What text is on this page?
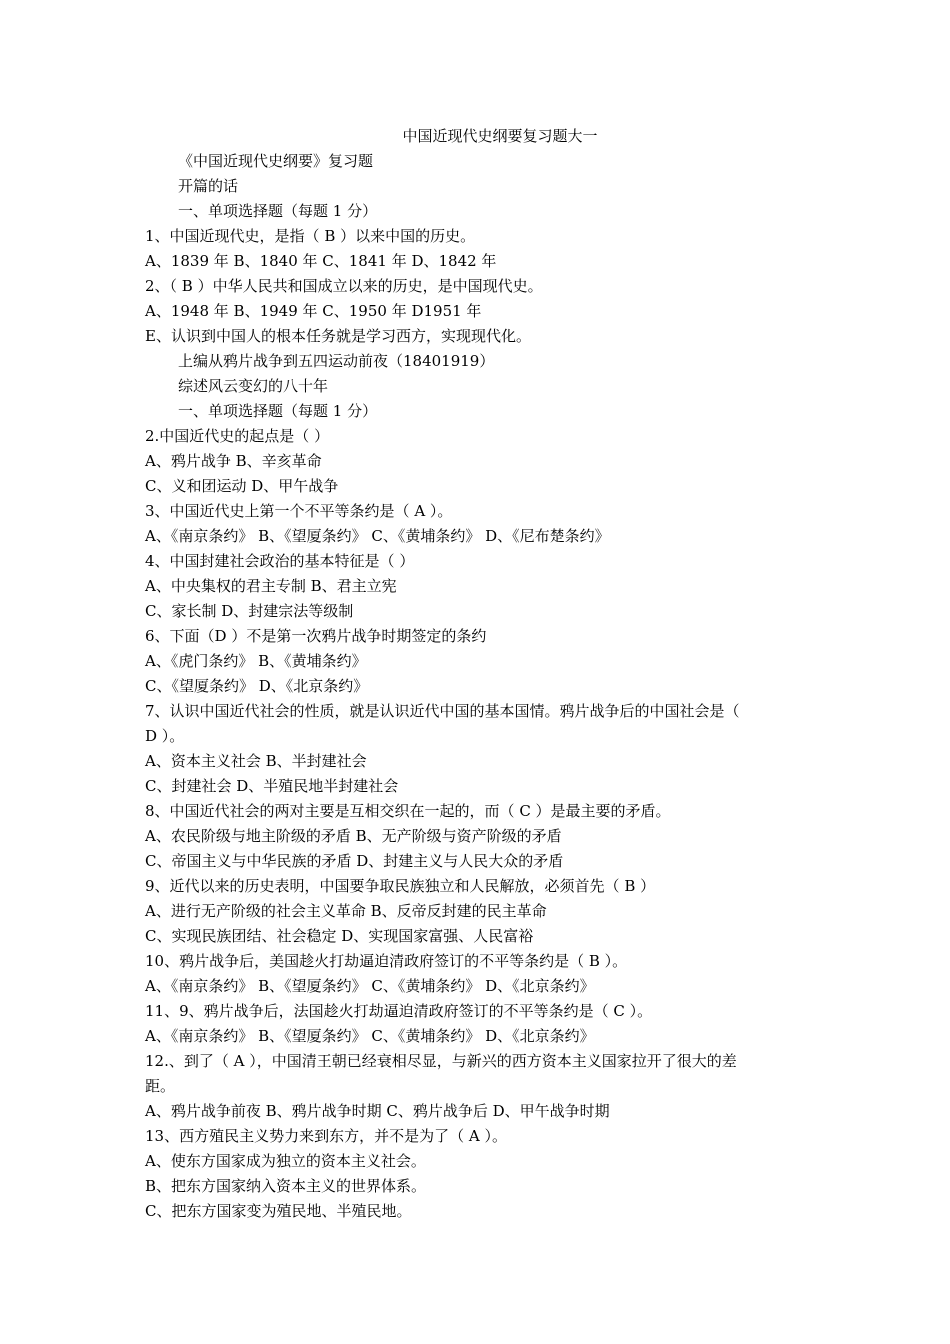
中国近现代史纲要复习题大一
《中国近现代史纲要》复习题
开篇的话
一、单项选择题（每题 1 分）
1、中国近现代史，是指（ B ）以来中国的历史。
A、1839 年 B、1840 年 C、1841 年 D、1842 年
2、（ B ）中华人民共和国成立以来的历史，是中国现代史。
A、1948 年 B、1949 年 C、1950 年 D1951 年
E、认识到中国人的根本任务就是学习西方，实现现代化。
上编从鸦片战争到五四运动前夜（18401919）
综述风云变幻的八十年
一、单项选择题（每题 1 分）
2.中国近代史的起点是（ ）
A、鸦片战争 B、辛亥革命
C、义和团运动 D、甲午战争
3、中国近代史上第一个不平等条约是（ A ）。
A、《南京条约》 B、《望厦条约》 C、《黄埔条约》 D、《尼布楚条约》
4、中国封建社会政治的基本特征是（ ）
A、中央集权的君主专制 B、君主立宪
C、家长制 D、封建宗法等级制
6、下面（D ）不是第一次鸦片战争时期签定的条约
A、《虎门条约》 B、《黄埔条约》
C、《望厦条约》 D、《北京条约》
7、认识中国近代社会的性质，就是认识近代中国的基本国情。鸦片战争后的中国社会是（
D ）。
A、资本主义社会 B、半封建社会
C、封建社会 D、半殖民地半封建社会
8、中国近代社会的两对主要是互相交织在一起的，而（ C ）是最主要的矛盾。
A、农民阶级与地主阶级的矛盾 B、无产阶级与资产阶级的矛盾
C、帝国主义与中华民族的矛盾 D、封建主义与人民大众的矛盾
9、近代以来的历史表明，中国要争取民族独立和人民解放，必须首先（ B ）
A、进行无产阶级的社会主义革命 B、反帝反封建的民主革命
C、实现民族团结、社会稳定 D、实现国家富强、人民富裕
10、鸦片战争后，美国趁火打劫逼迫清政府签订的不平等条约是（ B ）。
A、《南京条约》 B、《望厦条约》 C、《黄埔条约》 D、《北京条约》
11、9、鸦片战争后，法国趁火打劫逼迫清政府签订的不平等条约是（ C ）。
A、《南京条约》 B、《望厦条约》 C、《黄埔条约》 D、《北京条约》
12.、到了（ A ），中国清王朝已经衰相尽显，与新兴的西方资本主义国家拉开了很大的差
距。
A、鸦片战争前夜 B、鸦片战争时期 C、鸦片战争后 D、甲午战争时期
13、西方殖民主义势力来到东方，并不是为了（ A ）。
A、使东方国家成为独立的资本主义社会。
B、把东方国家纳入资本主义的世界体系。
C、把东方国家变为殖民地、半殖民地。
